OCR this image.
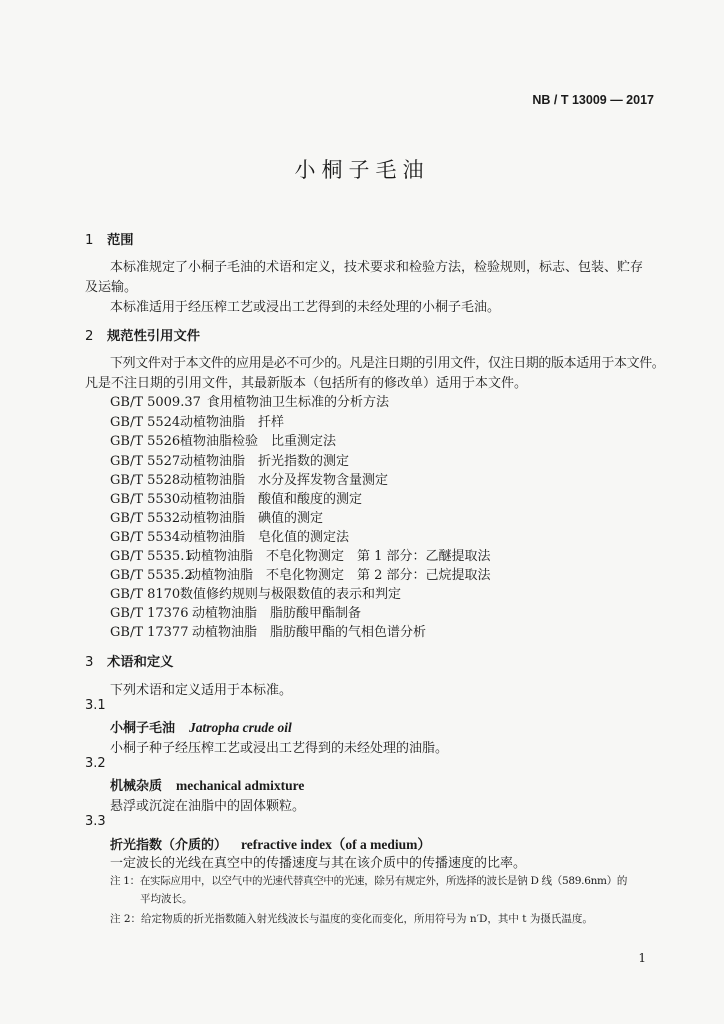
NB / T 13009 — 2017
小桐子毛油
1 范围
本标准规定了小桐子毛油的术语和定义，技术要求和检验方法，检验规则，标志、包装、贮存
及运输。
本标准适用于经压榨工艺或浸出工艺得到的未经处理的小桐子毛油。
2 规范性引用文件
下列文件对于本文件的应用是必不可少的。凡是注日期的引用文件，仅注日期的版本适用于本文件。
凡是不注日期的引用文件，其最新版本（包括所有的修改单）适用于本文件。
GB/T 5009.37 食用植物油卫生标准的分析方法
GB/T 5524动植物油脂　扦样
GB/T 5526植物油脂检验　比重测定法
GB/T 5527动植物油脂　折光指数的测定
GB/T 5528动植物油脂　水分及挥发物含量测定
GB/T 5530动植物油脂　酸值和酸度的测定
GB/T 5532动植物油脂　碘值的测定
GB/T 5534动植物油脂　皂化值的测定法
GB/T 5535.1动植物油脂　不皂化物测定　第 1 部分：乙醚提取法
GB/T 5535.2动植物油脂　不皂化物测定　第 2 部分：己烷提取法
GB/T 8170数值修约规则与极限数值的表示和判定
GB/T 17376 动植物油脂　脂肪酸甲酯制备
GB/T 17377 动植物油脂　脂肪酸甲酯的气相色谱分析
3 术语和定义
下列术语和定义适用于本标准。
3.1
小桐子毛油 Jatropha crude oil
小桐子种子经压榨工艺或浸出工艺得到的未经处理的油脂。
3.2
机械杂质 mechanical admixture
悬浮或沉淀在油脂中的固体颗粒。
3.3
折光指数（介质的） refractive index（of a medium）
一定波长的光线在真空中的传播速度与其在该介质中的传播速度的比率。
注 1：在实际应用中，以空气中的光速代替真空中的光速，除另有规定外，所选择的波长是钠 D 线（589.6nm）的
平均波长。
注 2：给定物质的折光指数随入射光线波长与温度的变化而变化，所用符号为 n′D，其中 t 为摄氏温度。
1
